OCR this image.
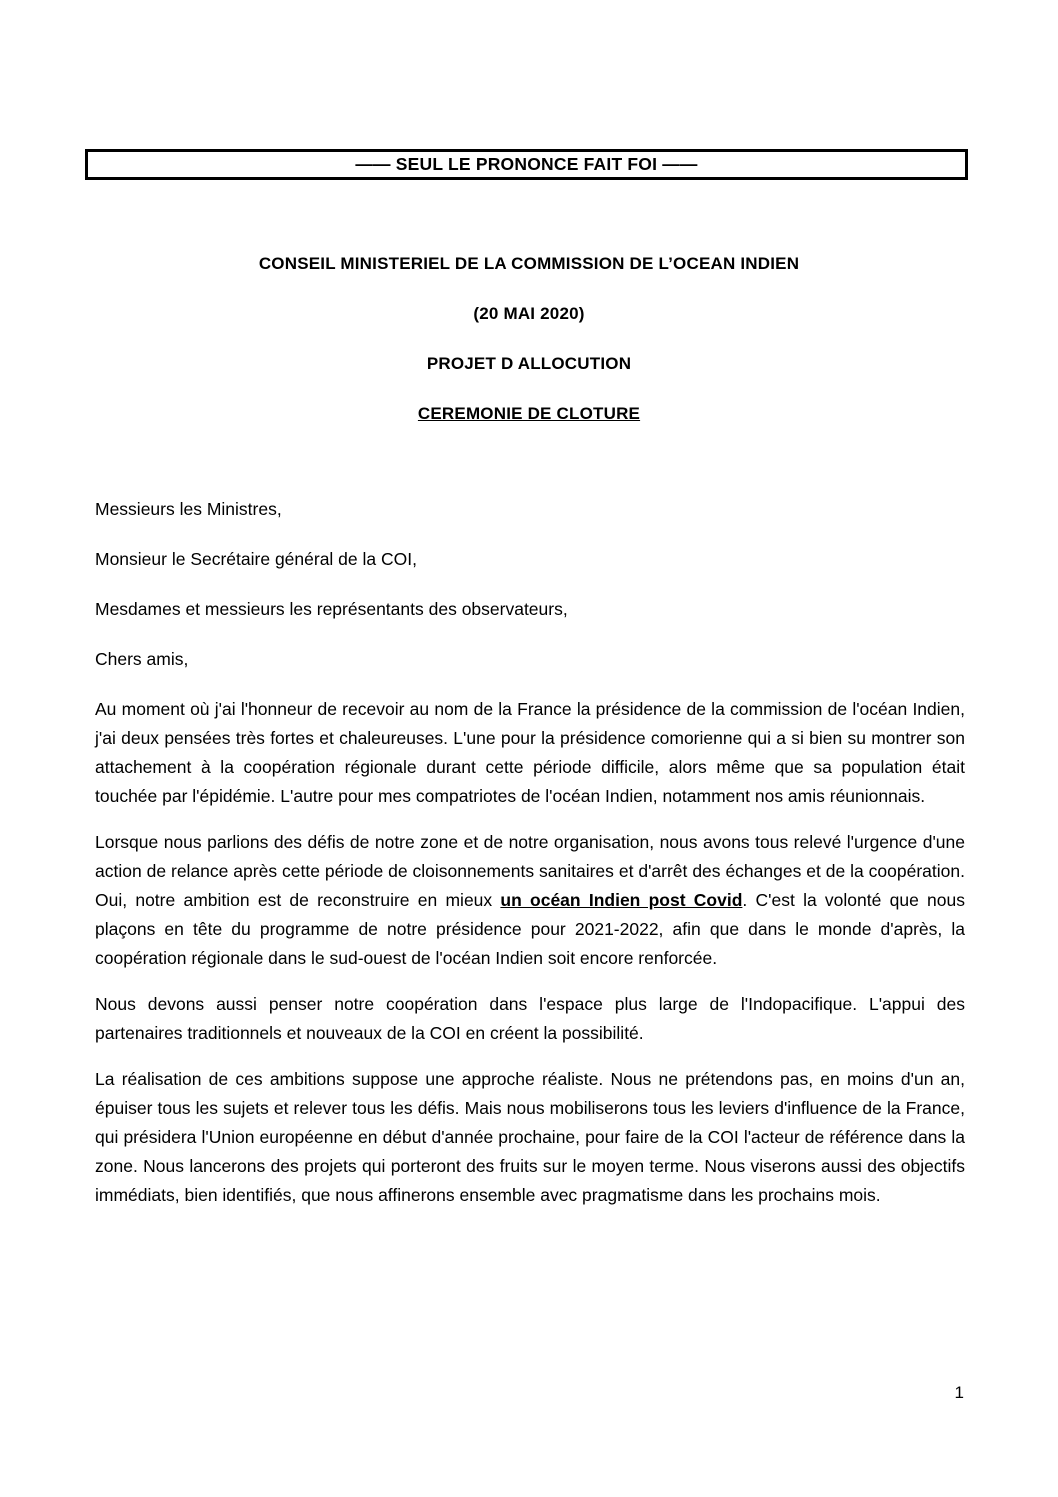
—— SEUL LE PRONONCE FAIT FOI ——

CONSEIL MINISTERIEL DE LA COMMISSION DE L’OCEAN INDIEN

(20 MAI 2020)

PROJET D ALLOCUTION

CEREMONIE DE CLOTURE

Messieurs les Ministres,

Monsieur le Secrétaire général de la COI,

Mesdames et messieurs les représentants des observateurs,

Chers amis,

Au moment où j'ai l'honneur de recevoir au nom de la France la présidence de la commission de l'océan Indien, j'ai deux pensées très fortes et chaleureuses. L'une pour la présidence comorienne qui a si bien su montrer son attachement à la coopération régionale durant cette période difficile, alors même que sa population était touchée par l'épidémie. L'autre pour mes compatriotes de l'océan Indien, notamment nos amis réunionnais.

Lorsque nous parlions des défis de notre zone et de notre organisation, nous avons tous relevé l'urgence d'une action de relance après cette période de cloisonnements sanitaires et d'arrêt des échanges et de la coopération. Oui, notre ambition est de reconstruire en mieux un océan Indien post Covid. C'est la volonté que nous plaçons en tête du programme de notre présidence pour 2021-2022, afin que dans le monde d'après, la coopération régionale dans le sud-ouest de l'océan Indien soit encore renforcée.

Nous devons aussi penser notre coopération dans l'espace plus large de l'Indopacifique. L'appui des partenaires traditionnels et nouveaux de la COI en créent la possibilité.

La réalisation de ces ambitions suppose une approche réaliste. Nous ne prétendons pas, en moins d'un an, épuiser tous les sujets et relever tous les défis. Mais nous mobiliserons tous les leviers d'influence de la France, qui présidera l'Union européenne en début d'année prochaine, pour faire de la COI l'acteur de référence dans la zone. Nous lancerons des projets qui porteront des fruits sur le moyen terme. Nous viserons aussi des objectifs immédiats, bien identifiés, que nous affinerons ensemble avec pragmatisme dans les prochains mois.

1
